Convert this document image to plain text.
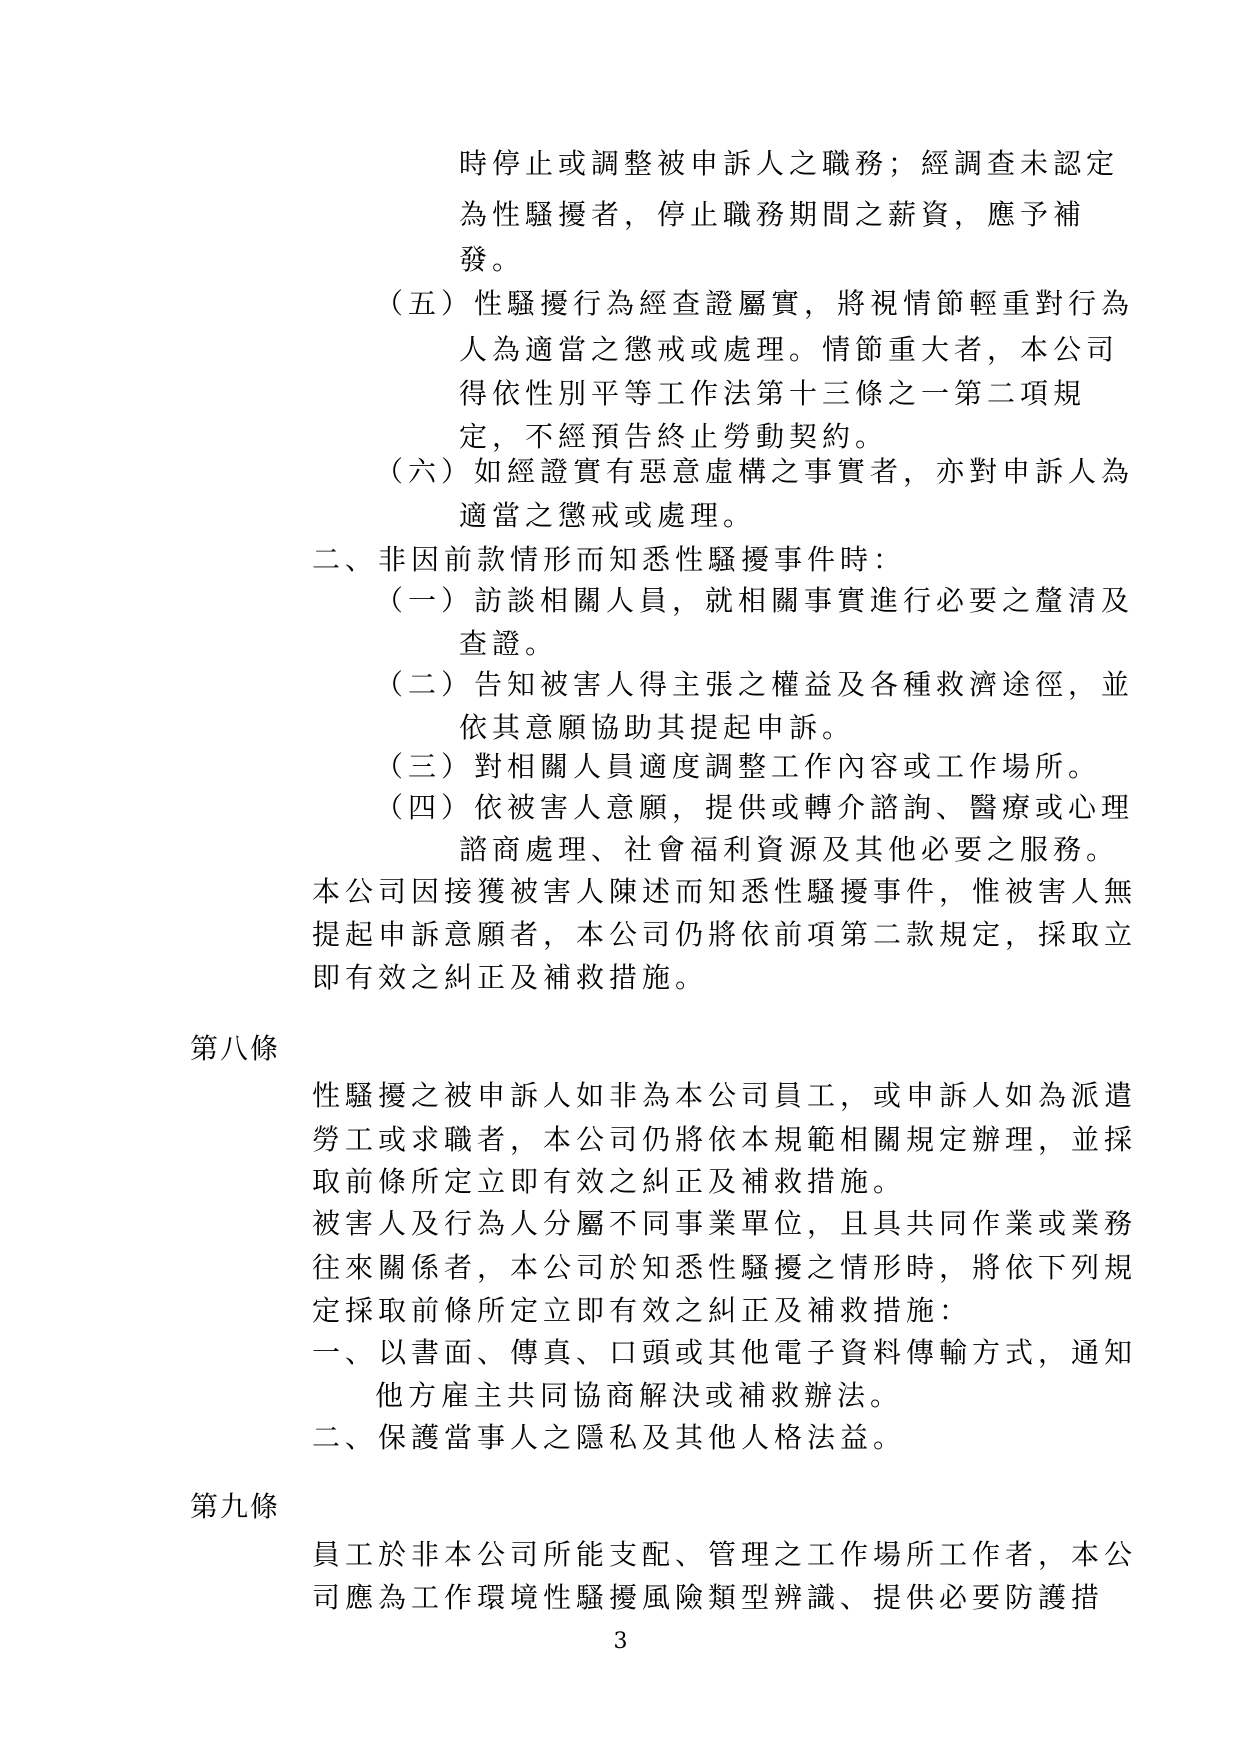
時停止或調整被申訴人之職務；經調查未認定
為性騷擾者，停止職務期間之薪資，應予補
發。
（五）性騷擾行為經查證屬實，將視情節輕重對行為
人為適當之懲戒或處理。情節重大者，本公司
得依性別平等工作法第十三條之一第二項規
定，不經預告終止勞動契約。
（六）如經證實有惡意虛構之事實者，亦對申訴人為
適當之懲戒或處理。
二、非因前款情形而知悉性騷擾事件時：
（一）訪談相關人員，就相關事實進行必要之釐清及
查證。
（二）告知被害人得主張之權益及各種救濟途徑，並
依其意願協助其提起申訴。
（三）對相關人員適度調整工作內容或工作場所。
（四）依被害人意願，提供或轉介諮詢、醫療或心理
諮商處理、社會福利資源及其他必要之服務。
本公司因接獲被害人陳述而知悉性騷擾事件，惟被害人無
提起申訴意願者，本公司仍將依前項第二款規定，採取立
即有效之糾正及補救措施。
第八條
性騷擾之被申訴人如非為本公司員工，或申訴人如為派遣
勞工或求職者，本公司仍將依本規範相關規定辦理，並採
取前條所定立即有效之糾正及補救措施。
被害人及行為人分屬不同事業單位，且具共同作業或業務
往來關係者，本公司於知悉性騷擾之情形時，將依下列規
定採取前條所定立即有效之糾正及補救措施：
一、以書面、傳真、口頭或其他電子資料傳輸方式，通知
他方雇主共同協商解決或補救辦法。
二、保護當事人之隱私及其他人格法益。
第九條
員工於非本公司所能支配、管理之工作場所工作者，本公
司應為工作環境性騷擾風險類型辨識、提供必要防護措
3
